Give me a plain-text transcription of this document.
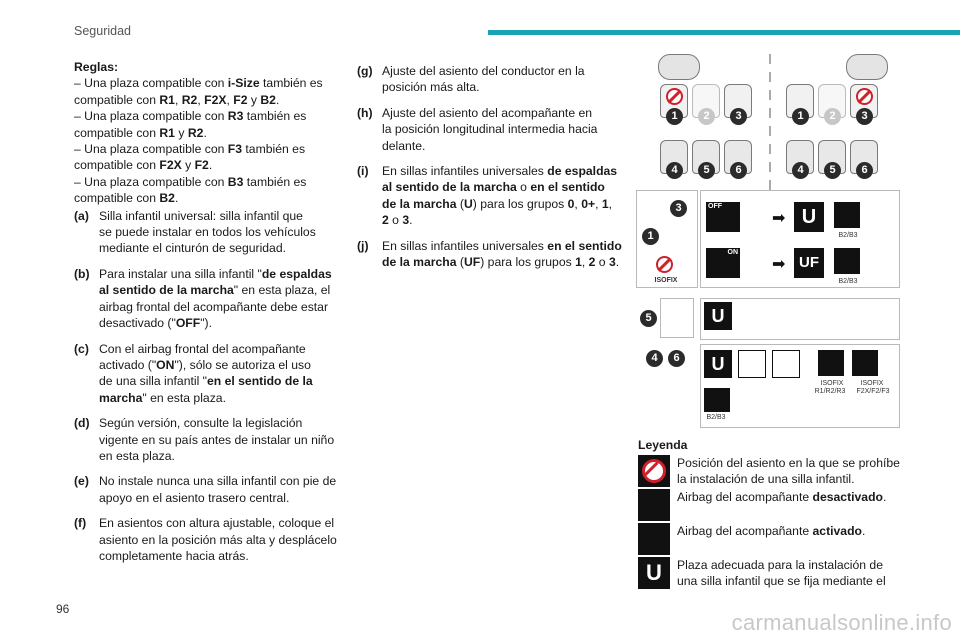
Seguridad
Reglas:
– Una plaza compatible con i-Size también es
compatible con R1, R2, F2X, F2 y B2.
– Una plaza compatible con R3 también es
compatible con R1 y R2.
– Una plaza compatible con F3 también es
compatible con F2X y F2.
– Una plaza compatible con B3 también es
compatible con B2.
(a) Silla infantil universal: silla infantil que
se puede instalar en todos los vehículos
mediante el cinturón de seguridad.
(b) Para instalar una silla infantil "de espaldas
al sentido de la marcha" en esta plaza, el
airbag frontal del acompañante debe estar
desactivado ("OFF").
(c) Con el airbag frontal del acompañante
activado ("ON"), sólo se autoriza el uso
de una silla infantil "en el sentido de la
marcha" en esta plaza.
(d) Según versión, consulte la legislación
vigente en su país antes de instalar un niño
en esta plaza.
(e) No instale nunca una silla infantil con pie de
apoyo en el asiento trasero central.
(f)	En asientos con altura ajustable, coloque el
asiento en la posición más alta y desplácelo
completamente hacia atrás.
(g) Ajuste del asiento del conductor en la
posición más alta.
(h) Ajuste del asiento del acompañante en
la posición longitudinal intermedia hacia
delante.
(i)	En sillas infantiles universales de espaldas
al sentido de la marcha o en el sentido
de la marcha (U) para los grupos 0, 0+, 1,
2 o 3.
(j)	En sillas infantiles universales en el sentido
de la marcha (UF) para los grupos 1, 2 o 3.
1	2	3
4	5	6
1	2	3
4	5	6
3
1
ISOFIX
OFF
➡ U
B2/B3
ON
➡ UF
B2/B3
5	U
4	6	U
ISOFIX
R1/R2/R3
ISOFIX
F2X/F2/F3
B2/B3
Leyenda
Posición del asiento en la que se prohíbe
la instalación de una silla infantil.
Airbag del acompañante desactivado.
Airbag del acompañante activado.
U	Plaza adecuada para la instalación de
una silla infantil que se fija mediante el
96
carmanualsonline.info
